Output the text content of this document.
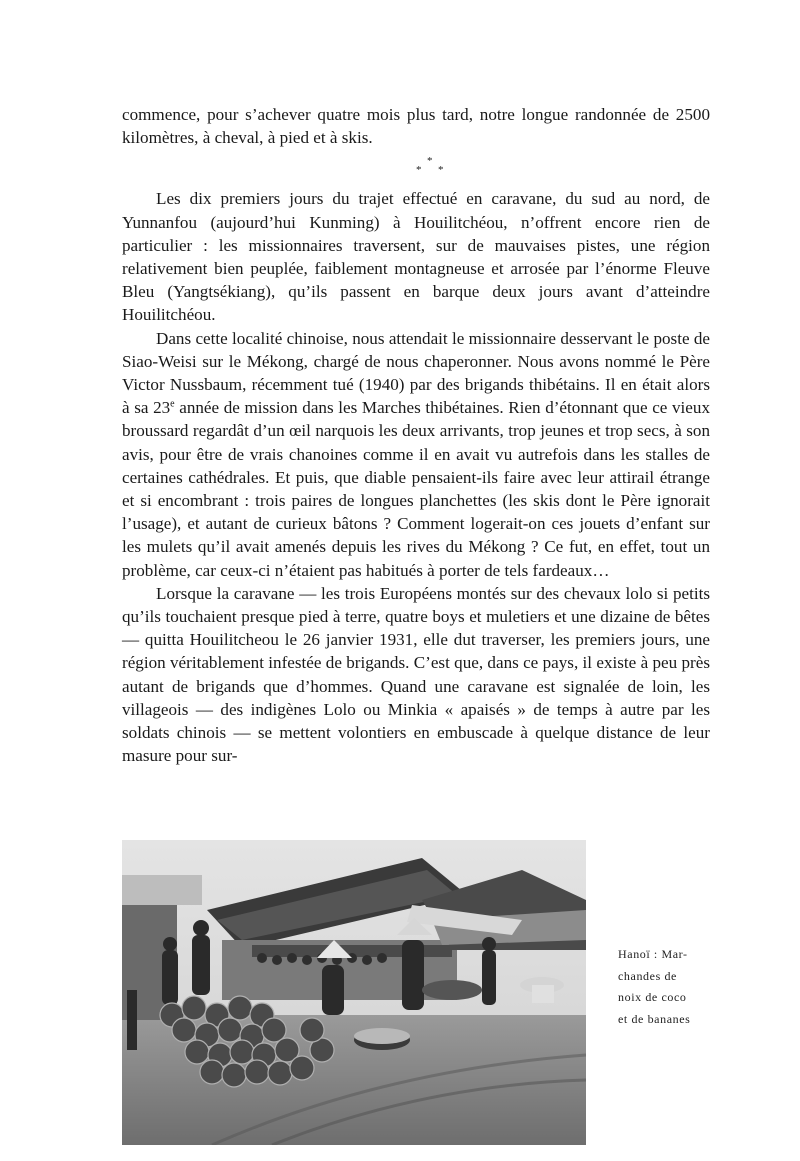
commence, pour s’achever quatre mois plus tard, notre longue randonnée de 2500 kilomètres, à cheval, à pied et à skis.

*
* *

Les dix premiers jours du trajet effectué en caravane, du sud au nord, de Yunnanfou (aujourd’hui Kunming) à Houilitchéou, n’offrent encore rien de particulier : les missionnaires traversent, sur de mauvaises pistes, une région relativement bien peuplée, faiblement montagneuse et arrosée par l’énorme Fleuve Bleu (Yangtsékiang), qu’ils passent en barque deux jours avant d’atteindre Houilitchéou.

Dans cette localité chinoise, nous attendait le missionnaire desservant le poste de Siao-Weisi sur le Mékong, chargé de nous chaperonner. Nous avons nommé le Père Victor Nussbaum, récemment tué (1940) par des brigands thibétains. Il en était alors à sa 23e année de mission dans les Marches thibétaines. Rien d’étonnant que ce vieux broussard regardât d’un œil narquois les deux arrivants, trop jeunes et trop secs, à son avis, pour être de vrais chanoines comme il en avait vu autrefois dans les stalles de certaines cathédrales. Et puis, que diable pensaient-ils faire avec leur attirail étrange et si encombrant : trois paires de longues planchettes (les skis dont le Père ignorait l’usage), et autant de curieux bâtons ? Comment logerait-on ces jouets d’enfant sur les mulets qu’il avait amenés depuis les rives du Mékong ? Ce fut, en effet, tout un problème, car ceux-ci n’étaient pas habitués à porter de tels fardeaux…

Lorsque la caravane — les trois Européens montés sur des chevaux lolo si petits qu’ils touchaient presque pied à terre, quatre boys et muletiers et une dizaine de bêtes — quitta Houilitcheou le 26 janvier 1931, elle dut traverser, les premiers jours, une région véritablement infestée de brigands. C’est que, dans ce pays, il existe à peu près autant de brigands que d’hommes. Quand une caravane est signalée de loin, les villageois — des indigènes Lolo ou Minkia « apaisés » de temps à autre par les soldats chinois — se mettent volontiers en embuscade à quelque distance de leur masure pour sur-

Hanoï : Mar-
chandes de
noix de coco
et de bananes
